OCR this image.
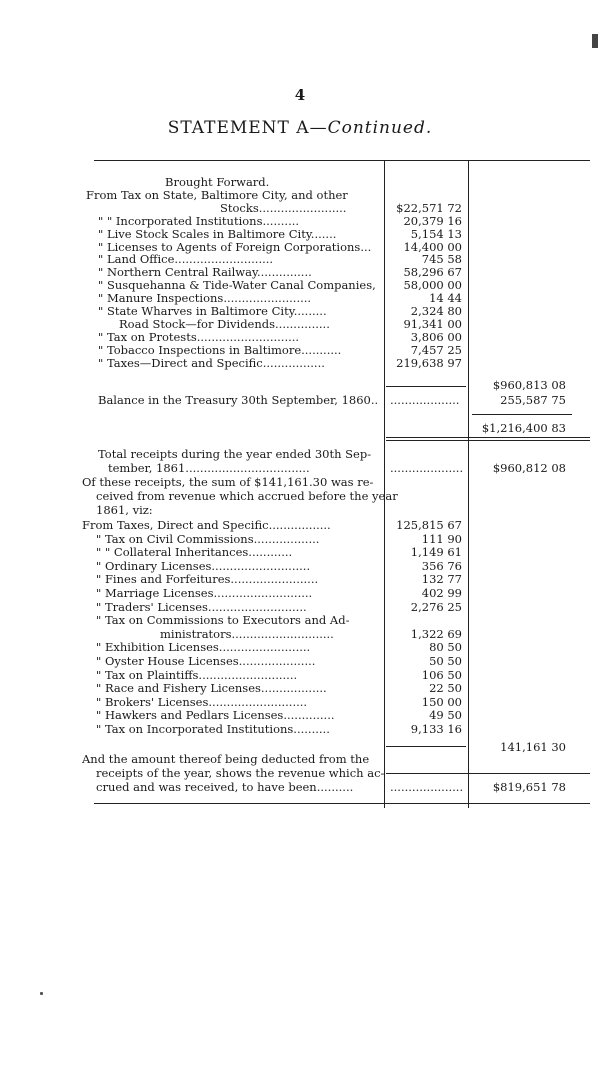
4
STATEMENT A—Continued.
Brought Forward.
From Tax on State, Baltimore City, and other
Stocks........................	$22,571 72
" " Incorporated Institutions..........	20,379 16
" Live Stock Scales in Baltimore City.......	5,154 13
" Licenses to Agents of Foreign Corporations...	14,400 00
" Land Office...........................	745 58
" Northern Central Railway...............	58,296 67
" Susquehanna & Tide-Water Canal Companies,	58,000 00
" Manure Inspections........................	14 44
" State Wharves in Baltimore City.........	2,324 80
Road Stock—for Dividends...............	91,341 00
" Tax on Protests............................	3,806 00
" Tobacco Inspections in Baltimore...........	7,457 25
" Taxes—Direct and Specific.................	219,638 97
$960,813 08
Balance in the Treasury 30th September, 1860.. ...................	255,587 75
$1,216,400 83
Total receipts during the year ended 30th Sep-
tember, 1861..................................	....................	$960,812 08
Of these receipts, the sum of $141,161.30 was re-
ceived from revenue which accrued before the year
1861, viz:
From Taxes, Direct and Specific.................	125,815 67
" Tax on Civil Commissions..................	111 90
" " Collateral Inheritances............	1,149 61
" Ordinary Licenses...........................	356 76
" Fines and Forfeitures........................	132 77
" Marriage Licenses...........................	402 99
" Traders' Licenses...........................	2,276 25
" Tax on Commissions to Executors and Ad-
ministrators............................	1,322 69
" Exhibition Licenses.........................	80 50
" Oyster House Licenses.....................	50 50
" Tax on Plaintiffs...........................	106 50
" Race and Fishery Licenses..................	22 50
" Brokers' Licenses...........................	150 00
" Hawkers and Pedlars Licenses..............	49 50
" Tax on Incorporated Institutions..........	9,133 16
141,161 30
And the amount thereof being deducted from the
receipts of the year, shows the revenue which ac-
crued and was received, to have been..........	....................	$819,651 78
